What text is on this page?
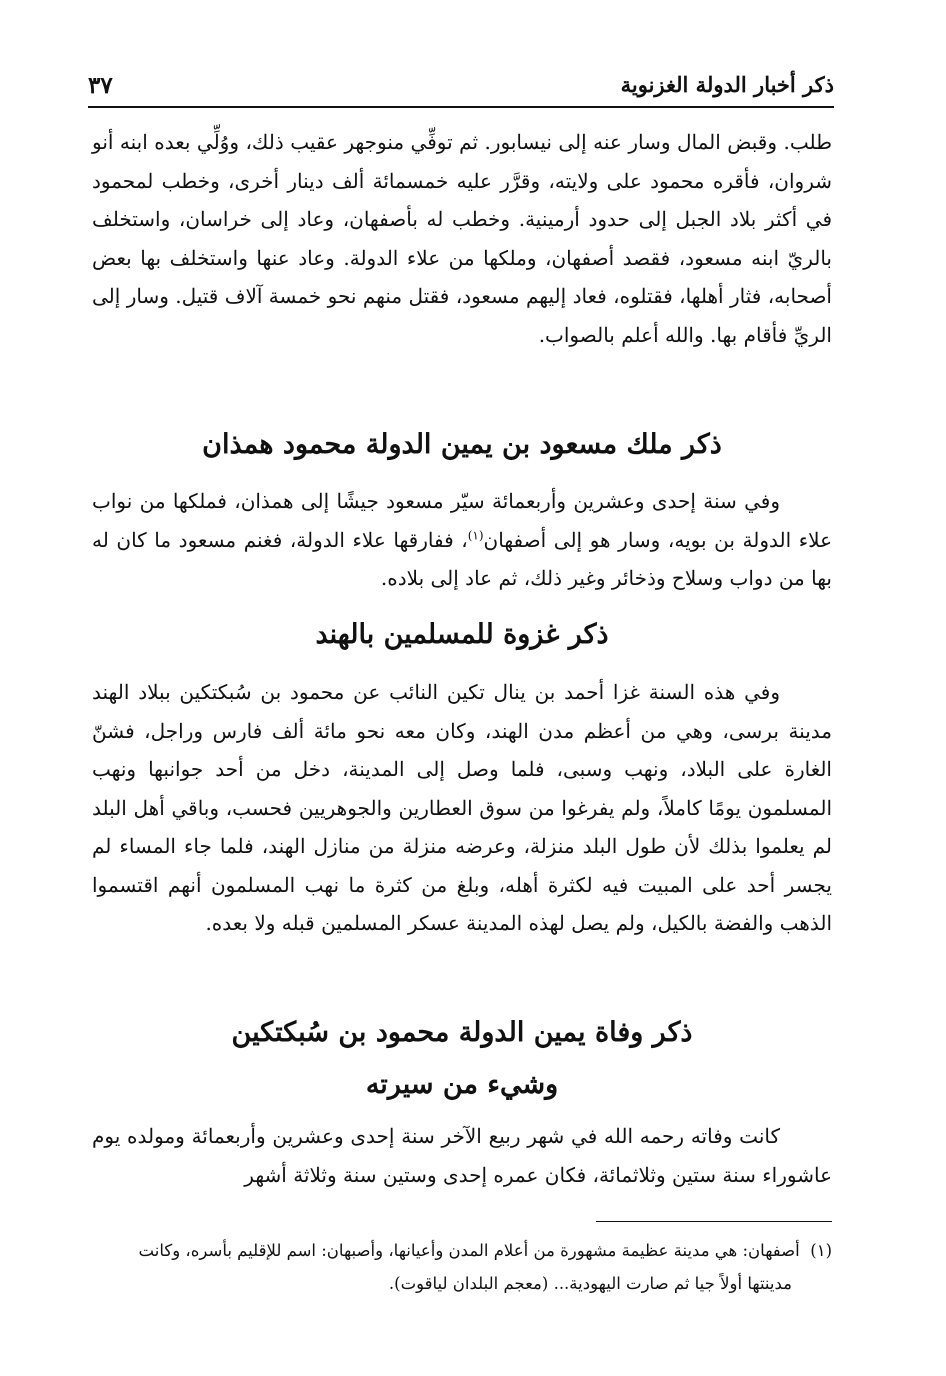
ذكر أخبار الدولة الغزنوية
٣٧

طلب. وقبض المال وسار عنه إلى نيسابور. ثم توفِّي منوجهر عقيب ذلك، ووُلِّي بعده ابنه أنو شروان، فأقره محمود على ولايته، وقرَّر عليه خمسمائة ألف دينار أخرى، وخطب لمحمود في أكثر بلاد الجبل إلى حدود أرمينية. وخطب له بأصفهان، وعاد إلى خراسان، واستخلف بالريّ ابنه مسعود، فقصد أصفهان، وملكها من علاء الدولة. وعاد عنها واستخلف بها بعض أصحابه، فثار أهلها، فقتلوه، فعاد إليهم مسعود، فقتل منهم نحو خمسة آلاف قتيل. وسار إلى الريِّ فأقام بها. والله أعلم بالصواب.

ذكر ملك مسعود بن يمين الدولة محمود همذان

وفي سنة إحدى وعشرين وأربعمائة سيّر مسعود جيشًا إلى همذان، فملكها من نواب علاء الدولة بن بويه، وسار هو إلى أصفهان$^{(١)}$، ففارقها علاء الدولة، فغنم مسعود ما كان له بها من دواب وسلاح وذخائر وغير ذلك، ثم عاد إلى بلاده.

ذكر غزوة للمسلمين بالهند

وفي هذه السنة غزا أحمد بن ينال تكين النائب عن محمود بن سُبكتكين ببلاد الهند مدينة برسى، وهي من أعظم مدن الهند، وكان معه نحو مائة ألف فارس وراجل، فشنّ الغارة على البلاد، ونهب وسبى، فلما وصل إلى المدينة، دخل من أحد جوانبها ونهب المسلمون يومًا كاملاً، ولم يفرغوا من سوق العطارين والجوهريين فحسب، وباقي أهل البلد لم يعلموا بذلك لأن طول البلد منزلة، وعرضه منزلة من منازل الهند، فلما جاء المساء لم يجسر أحد على المبيت فيه لكثرة أهله، وبلغ من كثرة ما نهب المسلمون أنهم اقتسموا الذهب والفضة بالكيل، ولم يصل لهذه المدينة عسكر المسلمين قبله ولا بعده.

ذكر وفاة يمين الدولة محمود بن سُبكتكين
وشيء من سيرته

كانت وفاته رحمه الله في شهر ربيع الآخر سنة إحدى وعشرين وأربعمائة ومولده يوم عاشوراء سنة ستين وثلاثمائة، فكان عمره إحدى وستين سنة وثلاثة أشهر

(١)  أصفهان: هي مدينة عظيمة مشهورة من أعلام المدن وأعيانها، وأصبهان: اسم للإقليم بأسره، وكانت مدينتها أولاً جيا ثم صارت اليهودية... (معجم البلدان لياقوت).
